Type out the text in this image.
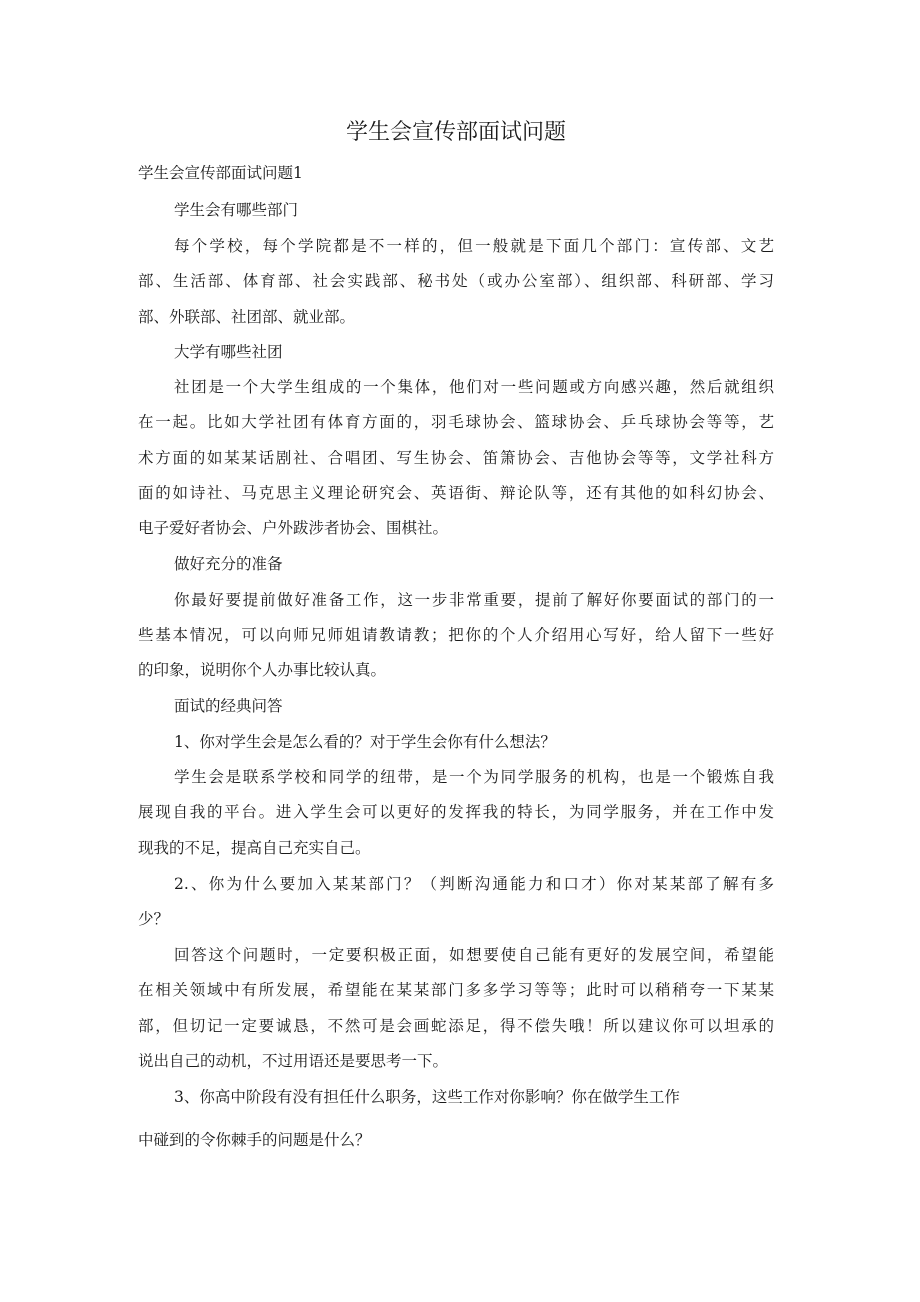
学生会宣传部面试问题

学生会宣传部面试问题1

学生会有哪些部门

每个学校，每个学院都是不一样的，但一般就是下面几个部门：宣传部、文艺

部、生活部、体育部、社会实践部、秘书处（或办公室部）、组织部、科研部、学习

部、外联部、社团部、就业部。

大学有哪些社团

社团是一个大学生组成的一个集体，他们对一些问题或方向感兴趣，然后就组织

在一起。比如大学社团有体育方面的，羽毛球协会、篮球协会、乒乓球协会等等，艺

术方面的如某某话剧社、合唱团、写生协会、笛箫协会、吉他协会等等，文学社科方

面的如诗社、马克思主义理论研究会、英语街、辩论队等，还有其他的如科幻协会、

电子爱好者协会、户外跋涉者协会、围棋社。

做好充分的准备

你最好要提前做好准备工作，这一步非常重要，提前了解好你要面试的部门的一

些基本情况，可以向师兄师姐请教请教；把你的个人介绍用心写好，给人留下一些好

的印象，说明你个人办事比较认真。

面试的经典问答

1、你对学生会是怎么看的？对于学生会你有什么想法？

学生会是联系学校和同学的纽带，是一个为同学服务的机构，也是一个锻炼自我

展现自我的平台。进入学生会可以更好的发挥我的特长，为同学服务，并在工作中发

现我的不足，提高自己充实自己。

2.、你为什么要加入某某部门？（判断沟通能力和口才）你对某某部了解有多

少？

回答这个问题时，一定要积极正面，如想要使自己能有更好的发展空间，希望能

在相关领域中有所发展，希望能在某某部门多多学习等等；此时可以稍稍夸一下某某

部，但切记一定要诚恳，不然可是会画蛇添足，得不偿失哦！所以建议你可以坦承的

说出自己的动机，不过用语还是要思考一下。

3、你高中阶段有没有担任什么职务，这些工作对你影响？你在做学生工作

中碰到的令你棘手的问题是什么？
